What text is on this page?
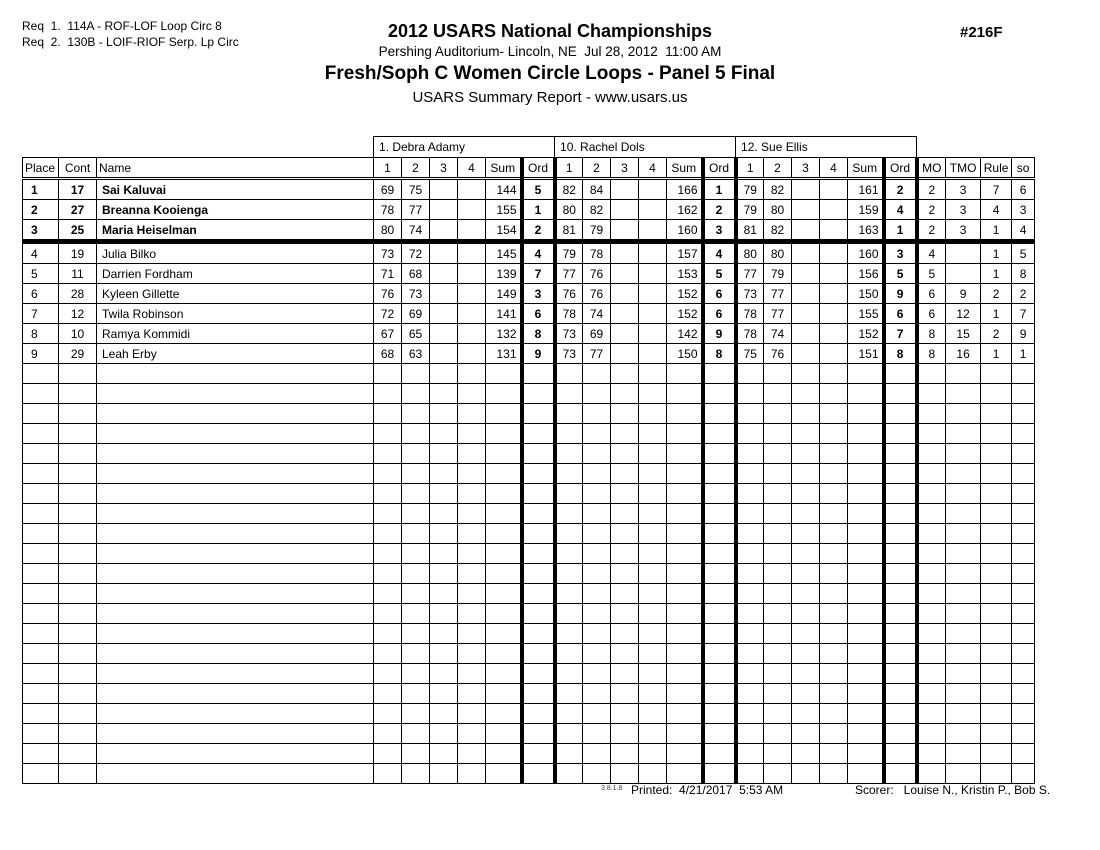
Req  1.  114A - ROF-LOF Loop Circ 8
Req  2.  130B - LOIF-RIOF Serp. Lp Circ
2012 USARS National Championships
Pershing Auditorium- Lincoln, NE  Jul 28, 2012  11:00 AM
Fresh/Soph C Women Circle Loops - Panel 5 Final
USARS Summary Report - www.usars.us
#216F
			1. Debra Adamy						10. Rachel Dols						12. Sue Ellis									
Place	Cont	Name	1	2	3	4	Sum	Ord	1	2	3	4	Sum	Ord	1	2	3	4	Sum	Ord	MO	TMO	Rule	so
1	17	Sai Kaluvai	69	75			144	5	82	84			166	1	79	82			161	2	2	3	7	6
2	27	Breanna Kooienga	78	77			155	1	80	82			162	2	79	80			159	4	2	3	4	3
3	25	Maria Heiselman	80	74			154	2	81	79			160	3	81	82			163	1	2	3	1	4
4	19	Julia Bilko	73	72			145	4	79	78			157	4	80	80			160	3	4		1	5
5	11	Darrien Fordham	71	68			139	7	77	76			153	5	77	79			156	5	5		1	8
6	28	Kyleen Gillette	76	73			149	3	76	76			152	6	73	77			150	9	6	9	2	2
7	12	Twila Robinson	72	69			141	6	78	74			152	6	78	77			155	6	6	12	1	7
8	10	Ramya Kommidi	67	65			132	8	73	69			142	9	78	74			152	7	8	15	2	9
9	29	Leah Erby	68	63			131	9	73	77			150	8	75	76			151	8	8	16	1	1

3.8.1.8 Printed:  4/21/2017  5:53 AM	Scorer:   Louise N., Kristin P., Bob S.
